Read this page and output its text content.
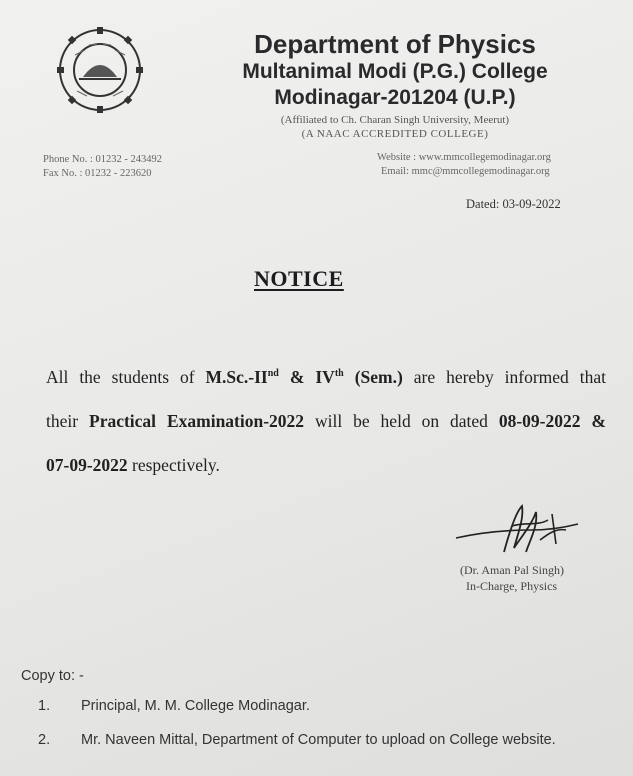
Department of Physics
Multanimal Modi (P.G.) College
Modinagar-201204 (U.P.)
(Affiliated to Ch. Charan Singh University, Meerut)
(A NAAC ACCREDITED COLLEGE)
Phone No. : 01232 - 243492
Fax No. : 01232 - 223620
Website : www.mmcollegemodinagar.org
Email: mmc@mmcollegemodinagar.org
Dated: 03-09-2022
NOTICE
All the students of M.Sc.-IInd & IVth (Sem.) are hereby informed that
their Practical Examination-2022 will be held on dated 08-09-2022 &
07-09-2022 respectively.
(Dr. Aman Pal Singh)
In-Charge, Physics
Copy to: -
1. Principal, M. M. College Modinagar.
2. Mr. Naveen Mittal, Department of Computer to upload on College website.
